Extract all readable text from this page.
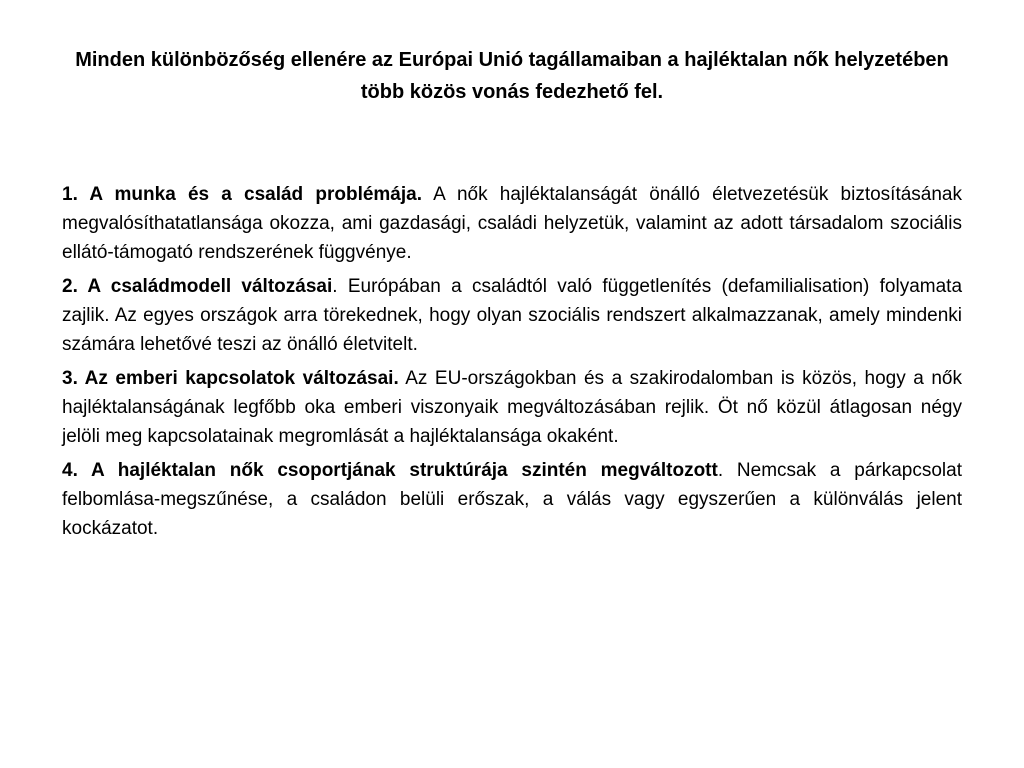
Minden különbözőség ellenére az Európai Unió tagállamaiban a hajléktalan nők helyzetében több közös vonás fedezhető fel.

1. A munka és a család problémája. A nők hajléktalanságát önálló életvezetésük biztosításának megvalósíthatatlansága okozza, ami gazdasági, családi helyzetük, valamint az adott társadalom szociális ellátó-támogató rendszerének függvénye.

2. A családmodell változásai. Európában a családtól való függetlenítés (defamilialisation) folyamata zajlik. Az egyes országok arra törekednek, hogy olyan szociális rendszert alkalmazzanak, amely mindenki számára lehetővé teszi az önálló életvitelt.

3. Az emberi kapcsolatok változásai. Az EU-országokban és a szakirodalomban is közös, hogy a nők hajléktalanságának legfőbb oka emberi viszonyaik megváltozásában rejlik. Öt nő közül átlagosan négy jelöli meg kapcsolatainak megromlását a hajléktalansága okaként.

4. A hajléktalan nők csoportjának struktúrája szintén megváltozott. Nemcsak a párkapcsolat felbomlása-megszűnése, a családon belüli erőszak, a válás vagy egyszerűen a különválás jelent kockázatot.
